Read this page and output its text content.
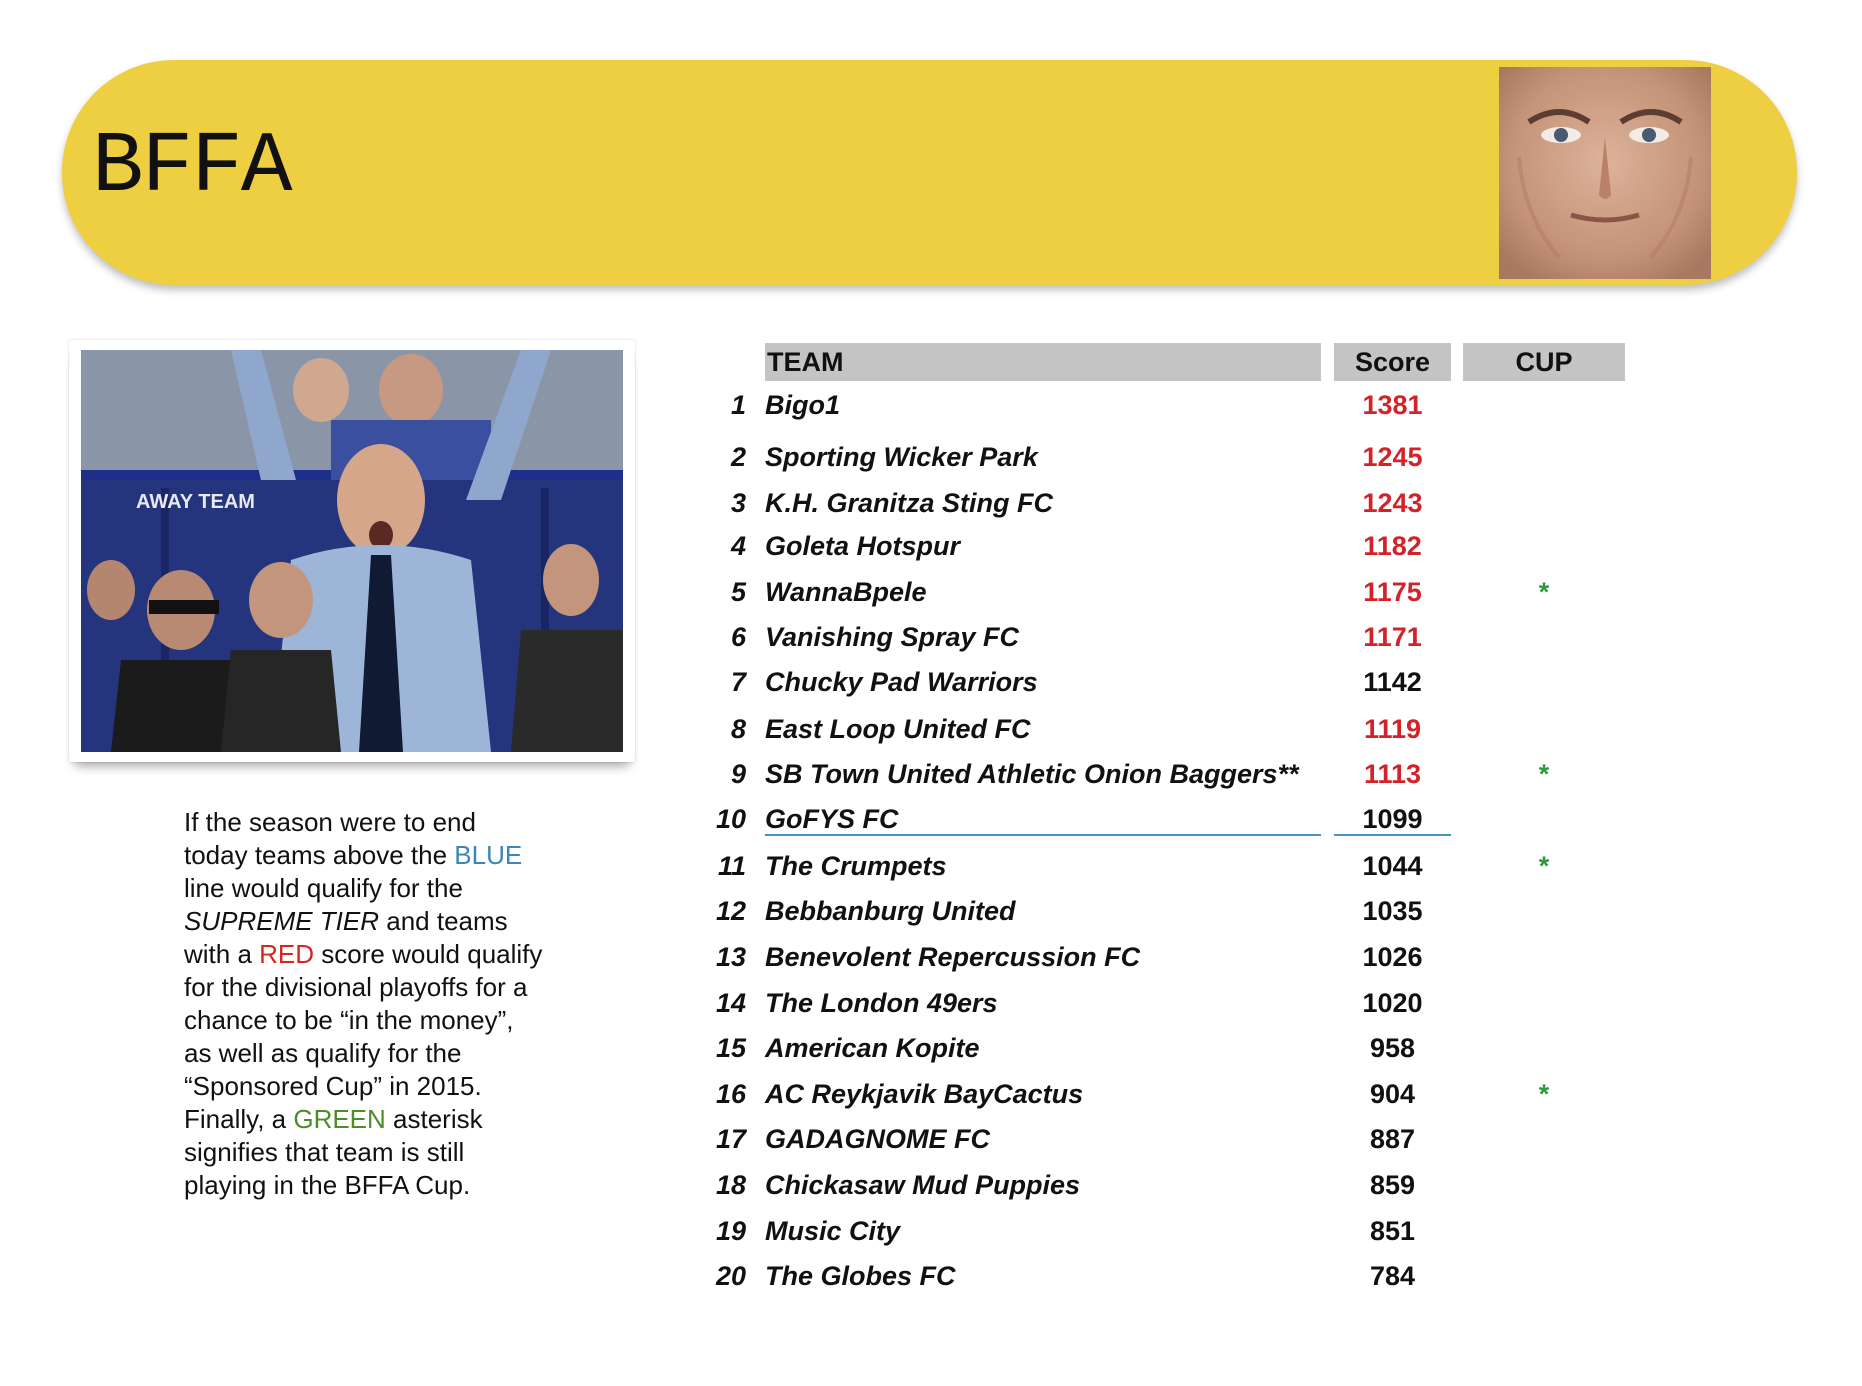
BFFA
AWAY TEAM
If the season were to end today teams above the BLUE line would qualify for the SUPREME TIER and teams with a RED score would qualify for the divisional playoffs for a chance to be “in the money”, as well as qualify for the “Sponsored Cup” in 2015. Finally, a GREEN asterisk signifies that team is still playing in the BFFA Cup.
TEAM	Score	CUP
1 Bigo1	1381
2 Sporting Wicker Park	1245
3 K.H. Granitza Sting FC	1243
4 Goleta Hotspur	1182
5 WannaBpele	1175	*
6 Vanishing Spray FC	1171
7 Chucky Pad Warriors	1142
8 East Loop United FC	1119
9 SB Town United Athletic Onion Baggers**	1113	*
10 GoFYS FC	1099
11 The Crumpets	1044	*
12 Bebbanburg United	1035
13 Benevolent Repercussion FC	1026
14 The London 49ers	1020
15 American Kopite	958
16 AC Reykjavik BayCactus	904	*
17 GADAGNOME FC	887
18 Chickasaw Mud Puppies	859
19 Music City	851
20 The Globes FC	784
